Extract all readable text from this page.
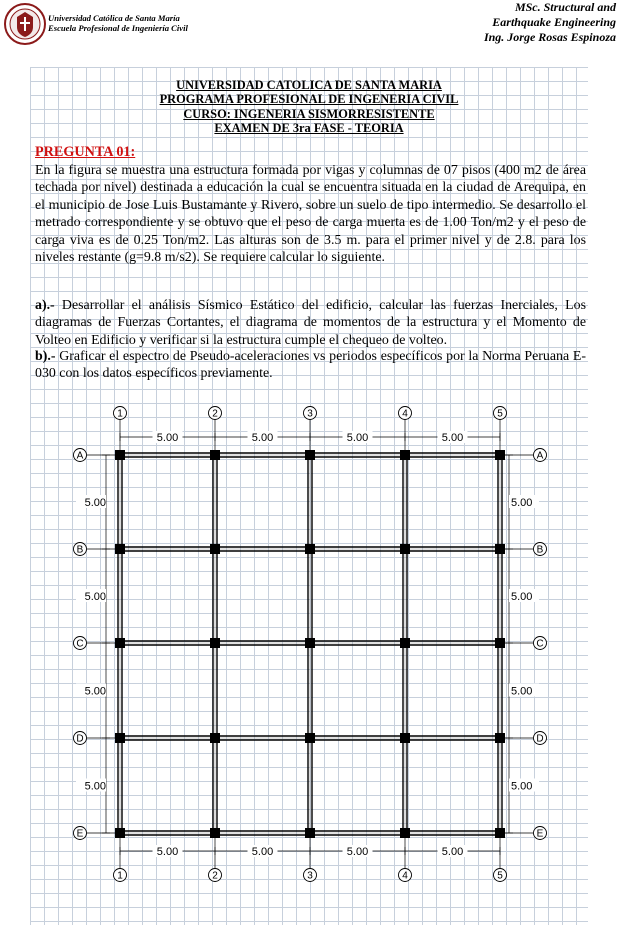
Universidad Católica de Santa María
Escuela Profesional de Ingeniería Civil
MSc. Structural and
Earthquake Engineering
Ing. Jorge Rosas Espinoza
UNIVERSIDAD CATOLICA DE SANTA MARIA
PROGRAMA PROFESIONAL DE INGENERIA CIVIL
CURSO: INGENERIA SISMORRESISTENTE
EXAMEN DE 3ra FASE - TEORIA
PREGUNTA 01:
En la figura se muestra una estructura formada por vigas y columnas de 07 pisos (400 m2 de área techada por nivel) destinada a educación la cual se encuentra situada en la ciudad de Arequipa, en el municipio de Jose Luis Bustamante y Rivero, sobre un suelo de tipo intermedio. Se desarrollo el metrado correspondiente y se obtuvo que el peso de carga muerta es de 1.00 Ton/m2 y el peso de carga viva es de 0.25 Ton/m2. Las alturas son de 3.5 m. para el primer nivel y de 2.8. para los niveles restante (g=9.8 m/s2). Se requiere calcular lo siguiente.
a).- Desarrollar el análisis Sísmico Estático del edificio, calcular las fuerzas Inerciales, Los diagramas de Fuerzas Cortantes, el diagrama de momentos de la estructura y el Momento de Volteo en Edificio y verificar si la estructura cumple el chequeo de volteo.
b).- Graficar el espectro de Pseudo-aceleraciones vs periodos específicos por la Norma Peruana E-030 con los datos específicos previamente.
1
1
2
2
3
3
4
4
5
5
A	A
B	B
C	C
D	D
E	E
5.00	5.00	5.00	5.00
5.00	5.00	5.00	5.00
5.00
5.00
5.00
5.00
5.00
5.00
5.00
5.00
